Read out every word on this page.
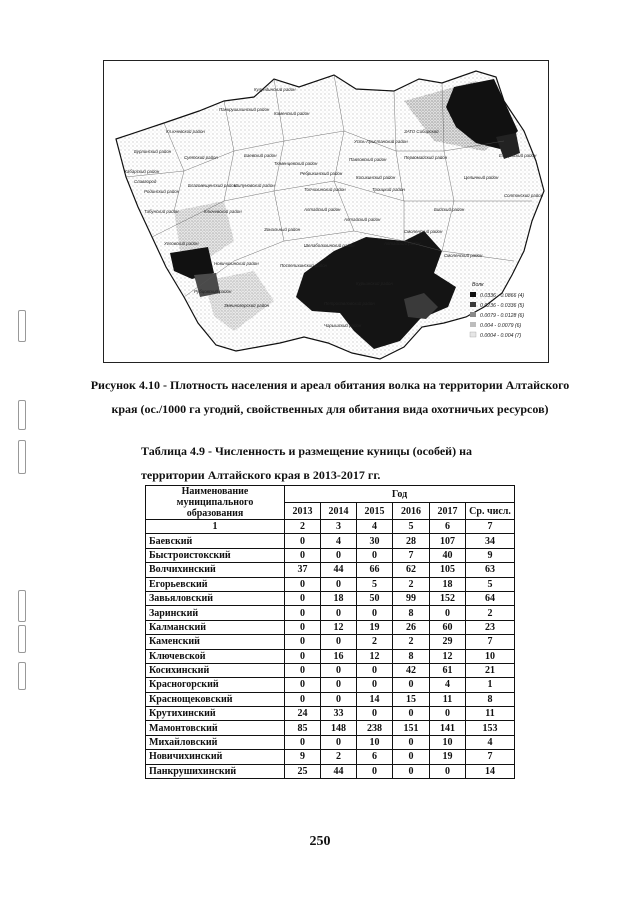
Кулундинский район
Панкрушихинский район
Каменский район
Кл.ючевской район
Усть-Пристанский район
ЗАТО Сибирский
Бурлинский район
Суетский район	Баевский район
Тюменцевский район
Павловский район	Первомайский район	Ельцовский район
Хабарский район
Славгород
Родинский район
Благовещенский район
Шипуновский район
Ребрихинский район
Косихинский район	Целинный район
Топчихинский район	Троицкий район
Солтонский район
Табунский район	Ключевской район	Алтайский район	Бийский район
Зональный район
Алтайский район
Смоленский район
Шелаболихинский район	Алтайский район
Смоленский район
Угловский район
Новичихинский район	Поспелихинский район
Рубцовский район
Змеиногорский район
Чарышский район
Курьинский район
Петропавловский район
Волк
0.0336 - 0.0866 (4)
0.0236 - 0.0336 (5)
0.0079 - 0.0128 (6)
0.004 - 0.0079 (6)
0.0004 - 0.004 (7)
Рисунок 4.10 - Плотность населения и ареал обитания волка на территории Алтайского
края (ос./1000 га угодий, свойственных для обитания вида охотничьих ресурсов)
Таблица 4.9 - Численность и размещение куницы (особей) на
территории Алтайского края в 2013-2017 гг.
Наименование муниципального образования	Год					
	2013	2014	2015	2016	2017	Ср. числ.
1	2	3	4	5	6	7
Баевский	0	4	30	28	107	34
Быстроистокский	0	0	0	7	40	9
Волчихинский	37	44	66	62	105	63
Егорьевский	0	0	5	2	18	5
Завьяловский	0	18	50	99	152	64
Заринский	0	0	0	8	0	2
Калманский	0	12	19	26	60	23
Каменский	0	0	2	2	29	7
Ключевской	0	16	12	8	12	10
Косихинский	0	0	0	42	61	21
Красногорский	0	0	0	0	4	1
Краснощековский	0	0	14	15	11	8
Крутихинский	24	33	0	0	0	11
Мамонтовский	85	148	238	151	141	153
Михайловский	0	0	10	0	10	4
Новичихинский	9	2	6	0	19	7
Панкрушихинский	25	44	0	0	0	14
250
